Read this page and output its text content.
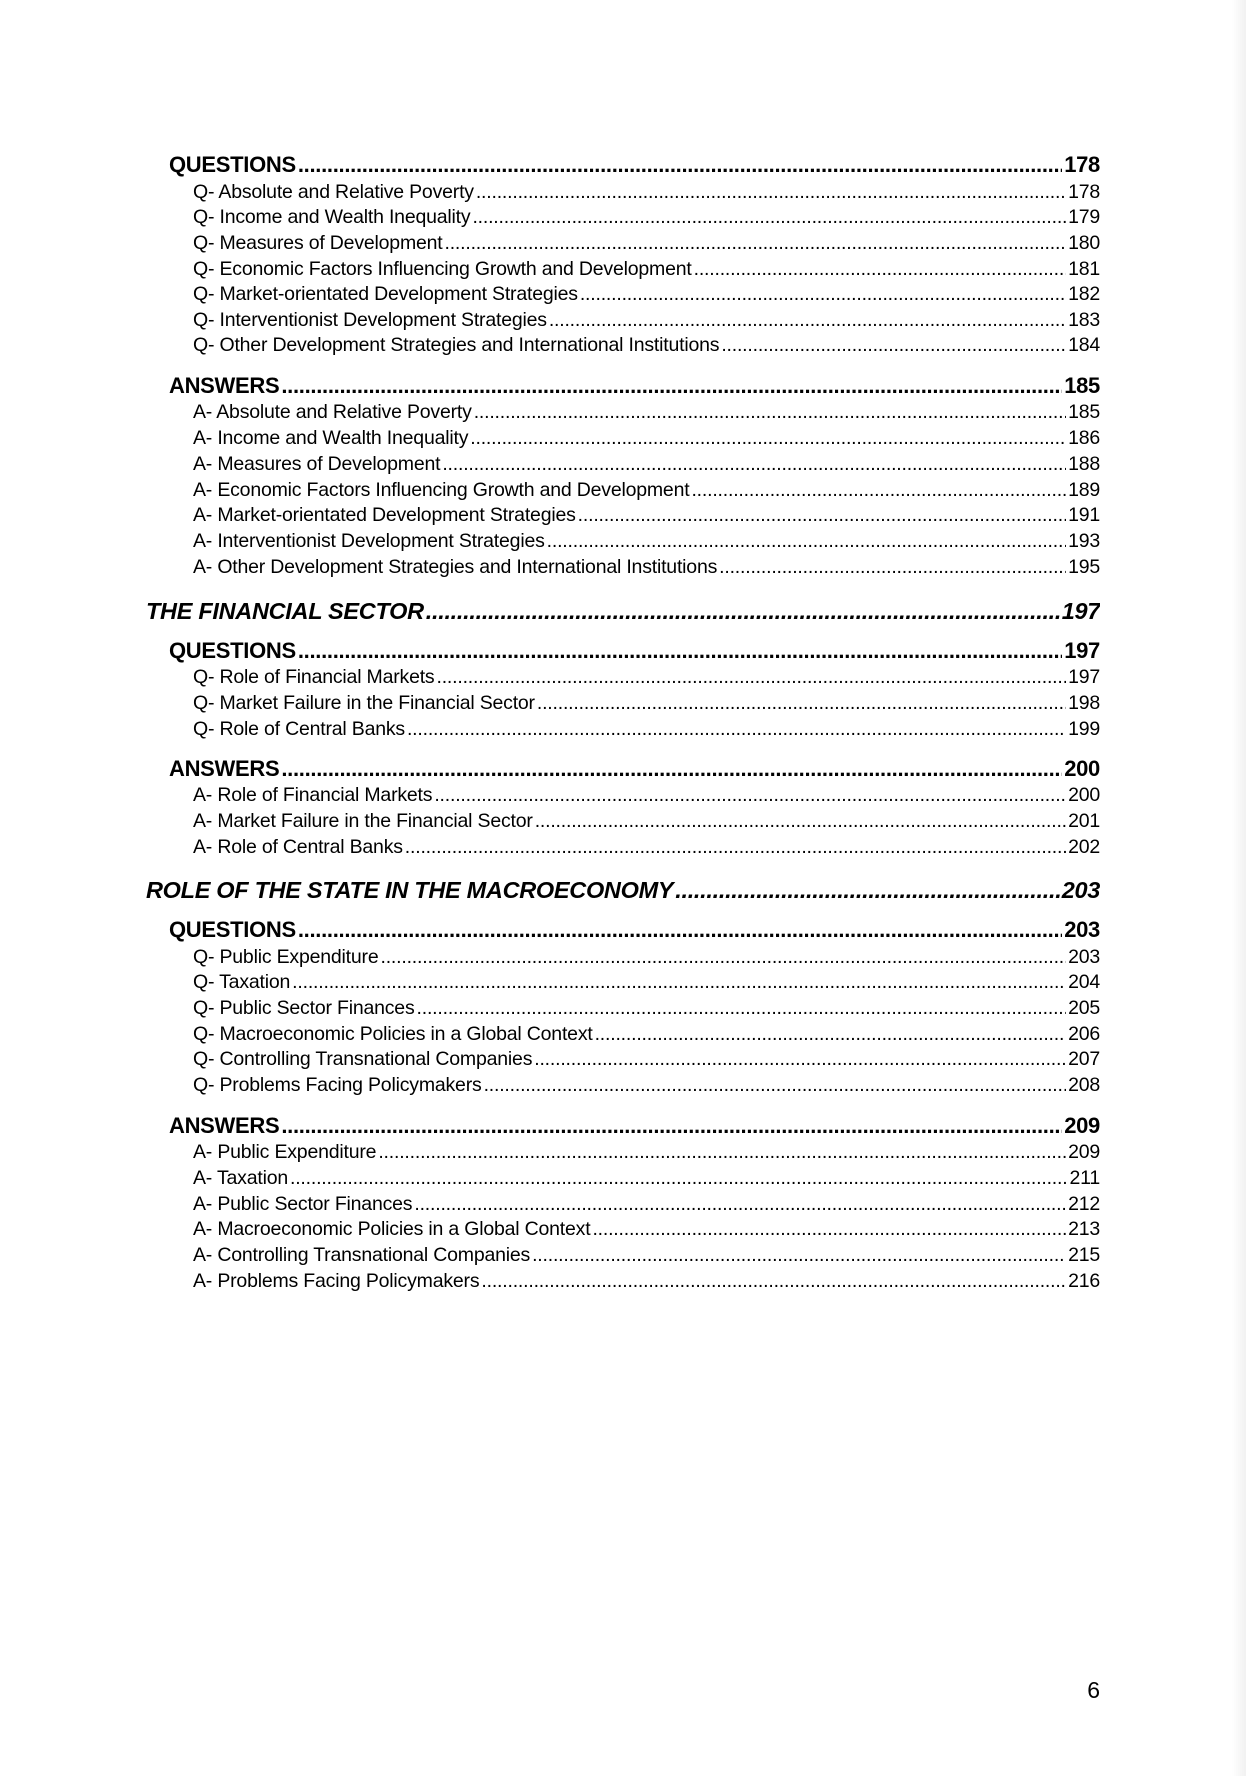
QUESTIONS .....	178
Q- Absolute and Relative Poverty .....	178
Q- Income and Wealth Inequality .....	179
Q- Measures of Development .....	180
Q- Economic Factors Influencing Growth and Development .....	181
Q- Market-orientated Development Strategies .....	182
Q- Interventionist Development Strategies .....	183
Q- Other Development Strategies and International Institutions .....	184
ANSWERS .....	185
A- Absolute and Relative Poverty .....	185
A- Income and Wealth Inequality .....	186
A- Measures of Development .....	188
A- Economic Factors Influencing Growth and Development .....	189
A- Market-orientated Development Strategies .....	191
A- Interventionist Development Strategies .....	193
A- Other Development Strategies and International Institutions .....	195
THE FINANCIAL SECTOR .....	197
QUESTIONS .....	197
Q- Role of Financial Markets .....	197
Q- Market Failure in the Financial Sector .....	198
Q- Role of Central Banks .....	199
ANSWERS .....	200
A- Role of Financial Markets .....	200
A- Market Failure in the Financial Sector .....	201
A- Role of Central Banks .....	202
ROLE OF THE STATE IN THE MACROECONOMY .....	203
QUESTIONS .....	203
Q- Public Expenditure .....	203
Q- Taxation .....	204
Q- Public Sector Finances .....	205
Q- Macroeconomic Policies in a Global Context .....	206
Q- Controlling Transnational Companies .....	207
Q- Problems Facing Policymakers .....	208
ANSWERS .....	209
A- Public Expenditure .....	209
A- Taxation .....	211
A- Public Sector Finances .....	212
A- Macroeconomic Policies in a Global Context .....	213
A- Controlling Transnational Companies .....	215
A- Problems Facing Policymakers .....	216
6
